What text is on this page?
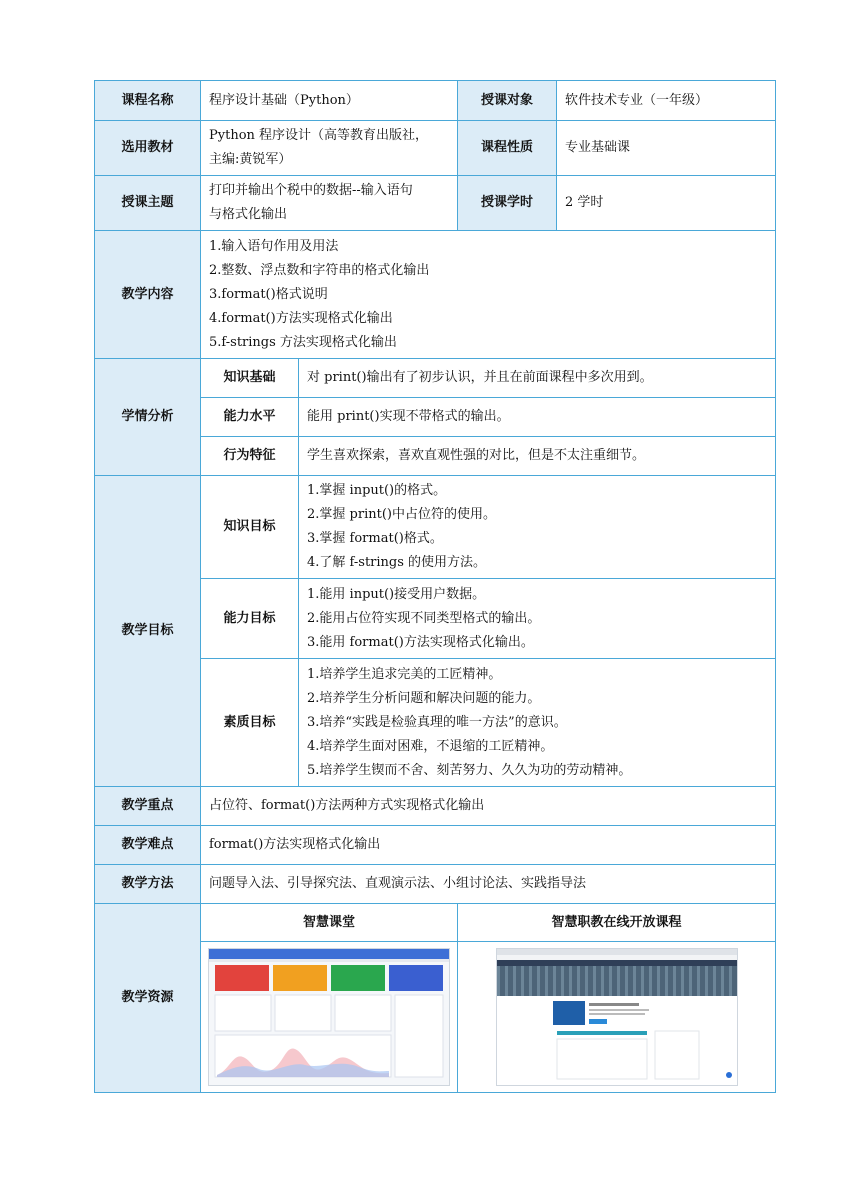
课程名称	程序设计基础（Python）		授课对象	软件技术专业（一年级）
选用教材	Python 程序设计（高等教育出版社，
主编:黄锐军）		课程性质	专业基础课
授课主题	打印并输出个税中的数据--输入语句
与格式化输出		授课学时	2 学时
教学内容	1.输入语句作用及用法
2.整数、浮点数和字符串的格式化输出
3.format()格式说明
4.format()方法实现格式化输出
5.f-strings 方法实现格式化输出			

学情分析	知识基础	对 print()输出有了初步认识，并且在前面课程中多次用到。		
	能力水平	能用 print()实现不带格式的输出。		
	行为特征	学生喜欢探索，喜欢直观性强的对比，但是不太注重细节。		
教学目标	知识目标	1.掌握 input()的格式。
2.掌握 print()中占位符的使用。
3.掌握 format()格式。
4.了解 f-strings 的使用方法。		

	能力目标	1.能用 input()接受用户数据。
2.能用占位符实现不同类型格式的输出。
3.能用 format()方法实现格式化输出。		

	素质目标	1.培养学生追求完美的工匠精神。
2.培养学生分析问题和解决问题的能力。
3.培养“实践是检验真理的唯一方法”的意识。
4.培养学生面对困难，不退缩的工匠精神。
5.培养学生锲而不舍、刻苦努力、久久为功的劳动精神。		

教学重点	占位符、format()方法两种方式实现格式化输出			
教学难点	format()方法实现格式化输出			
教学方法	问题导入法、引导探究法、直观演示法、小组讨论法、实践指导法			
教学资源	智慧课堂		智慧职教在线开放课程	
